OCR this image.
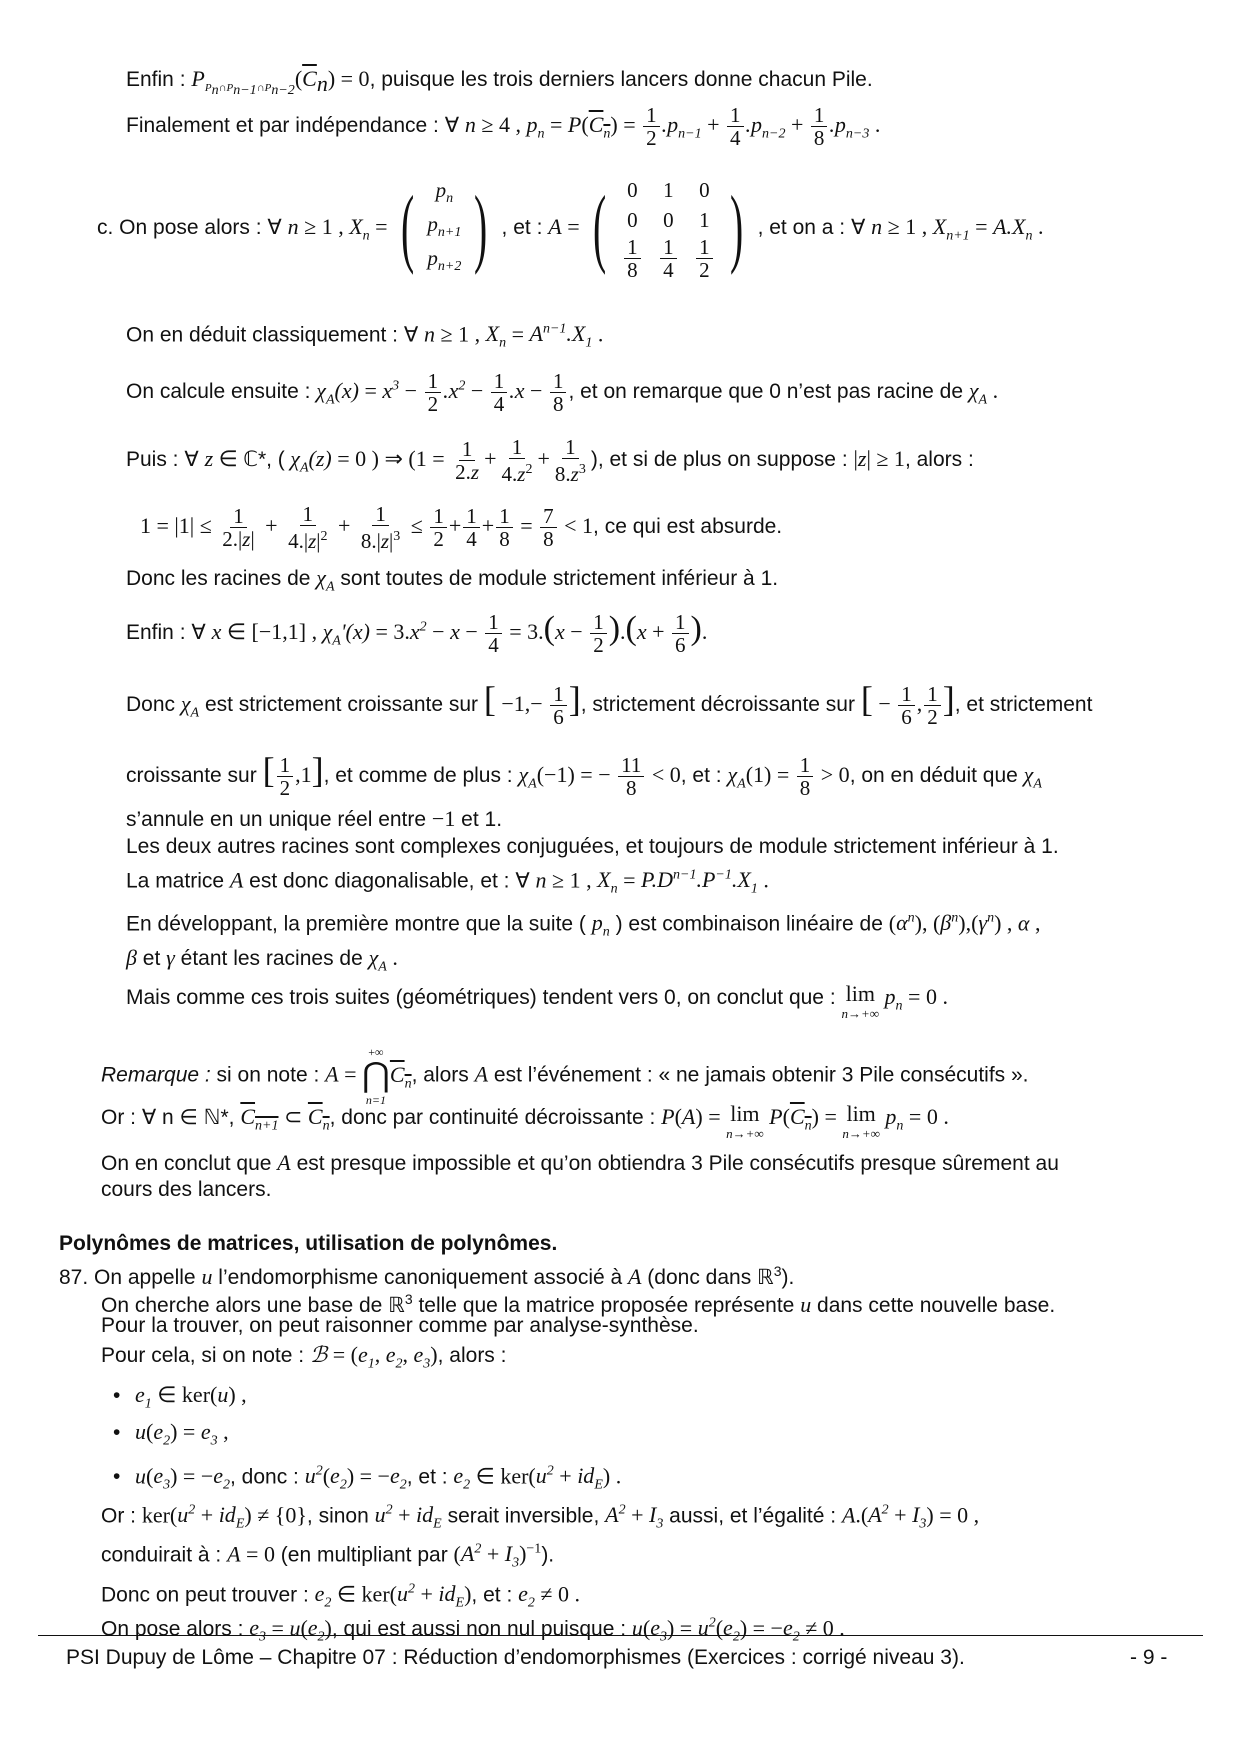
Enfin : $P_{P_n\cap P_{n-1}\cap P_{n-2}}(\overline{C}_n) = 0$, puisque les trois derniers lancers donne chacun Pile.
Finalement et par indépendance : ∀ n ≥ 4 , $p_n = P(C_n) = \frac{1}{2} .p_{n-1} + \frac{1}{4} .p_{n-2} + \frac{1}{8} .p_{n-3}$ .
c. On pose alors : ∀ n ≥ 1 , $X_n$ = (	$p_n$
$p_{n+1}$
$p_{n+2}$ ) , et : A = ( 0	1	0
0	0	1
$\frac{1}{8} \frac{1}{4} \frac{1}{2}$ ) , et on a : ∀ n ≥ 1 , $X_{n+1} = A.X_n$ .
On en déduit classiquement : ∀ n ≥ 1 , $X_n = A^{n-1}.X_1$ .
On calcule ensuite : $\chi_A(x) = x^3 - \frac{1}{2} .x^2 - \frac{1}{4} .x - \frac{1}{8}$ , et on remarque que 0 n’est pas racine de $\chi_A$ .
Puis : ∀ z ∈ ℂ*, ( $\chi_A(z) = 0$ ) ⇒ ($1 = \frac{1}{2.z} + \frac{1}{4.z^2} + \frac{1}{8.z^3}$ ), et si de plus on suppose : |z| ≥ 1, alors :
$1 = |1| \le \frac{1}{2.|z|} + \frac{1}{4.|z|^2} + \frac{1}{8.|z|^3} \le \frac{1}{2} + \frac{1}{4} + \frac{1}{8} = \frac{7}{8} < 1$, ce qui est absurde.
Donc les racines de $\chi_A$ sont toutes de module strictement inférieur à 1.
Enfin : ∀ x ∈ [−1,1] , $\chi_A'(x) = 3.x^2 - x - \frac{1}{4} = 3.(x - \frac{1}{2} ).(x + \frac{1}{6}$ ).
Donc $\chi_A$ est strictement croissante sur [ $-1,- \frac{1}{6}$ ], strictement décroissante sur [ − $\frac{1}{6}$ , $\frac{1}{2}$ ], et strictement
croissante sur [ $\frac{1}{2} ,1$], et comme de plus : $\chi_A(-1)$ = − $\frac{11}{8} < 0$, et : $\chi_A(1) = \frac{1}{8} > 0$, on en déduit que $\chi_A$
s’annule en un unique réel entre −1 et 1.
Les deux autres racines sont complexes conjuguées, et toujours de module strictement inférieur à 1.
La matrice A est donc diagonalisable, et : ∀ n ≥ 1 , $X_n = P.D^{n-1}.P^{-1}.X_1$ .
En développant, la première montre que la suite ( $p_n$ ) est combinaison linéaire de $(\alpha^n)$, $(\beta^n),(\gamma^n)$ , α ,
β et γ étant les racines de $\chi_A$ .
Mais comme ces trois suites (géométriques) tendent vers 0, on conclut que : lim
n→+∞
$p_n = 0$ .
Remarque : si on note : A =
+∞
⋂
n=1
$C_n$, alors A est l’événement : « ne jamais obtenir 3 Pile consécutifs ».
Or : ∀ n ∈ ℕ*, $C_{n+1}$ ⊂ $C_n$, donc par continuité décroissante : P(A) = lim
n→+∞
$P(C_n) = \lim$
n→+∞
$p_n = 0$ .
On en conclut que A est presque impossible et qu’on obtiendra 3 Pile consécutifs presque sûrement au
cours des lancers.
Polynômes de matrices, utilisation de polynômes.
87. On appelle u l’endomorphisme canoniquement associé à A (donc dans ℝ$^3$).
On cherche alors une base de ℝ$^3$ telle que la matrice proposée représente u dans cette nouvelle base.
Pour la trouver, on peut raisonner comme par analyse-synthèse.
Pour cela, si on note : ℬ = ($e_1$, $e_2$, $e_3$), alors :
• $e_1$ ∈ ker(u) ,
• $u(e_2) = e_3$ ,
• $u(e_3) = -e_2$, donc : $u^2(e_2) = -e_2$, et : $e_2$ ∈ $ker(u^2 + id_E)$ .
Or : $ker(u^2 + id_E) \ne \{0\}$, sinon $u^2 + id_E$ serait inversible, $A^2 + I_3$ aussi, et l’égalité : $A.(A^2 + I_3) = 0$ ,
conduirait à : A = 0 (en multipliant par $(A^2 + I_3)^{-1}$).
Donc on peut trouver : $e_2$ ∈ $ker(u^2 + id_E)$, et : $e_2 \ne 0$ .
On pose alors : $e_3 = u(e_2)$, qui est aussi non nul puisque : $u(e_3) = u^2(e_2) = -e_2 \ne 0$ .
PSI Dupuy de Lôme – Chapitre 07 : Réduction d’endomorphismes (Exercices : corrigé niveau 3).	- 9 -
